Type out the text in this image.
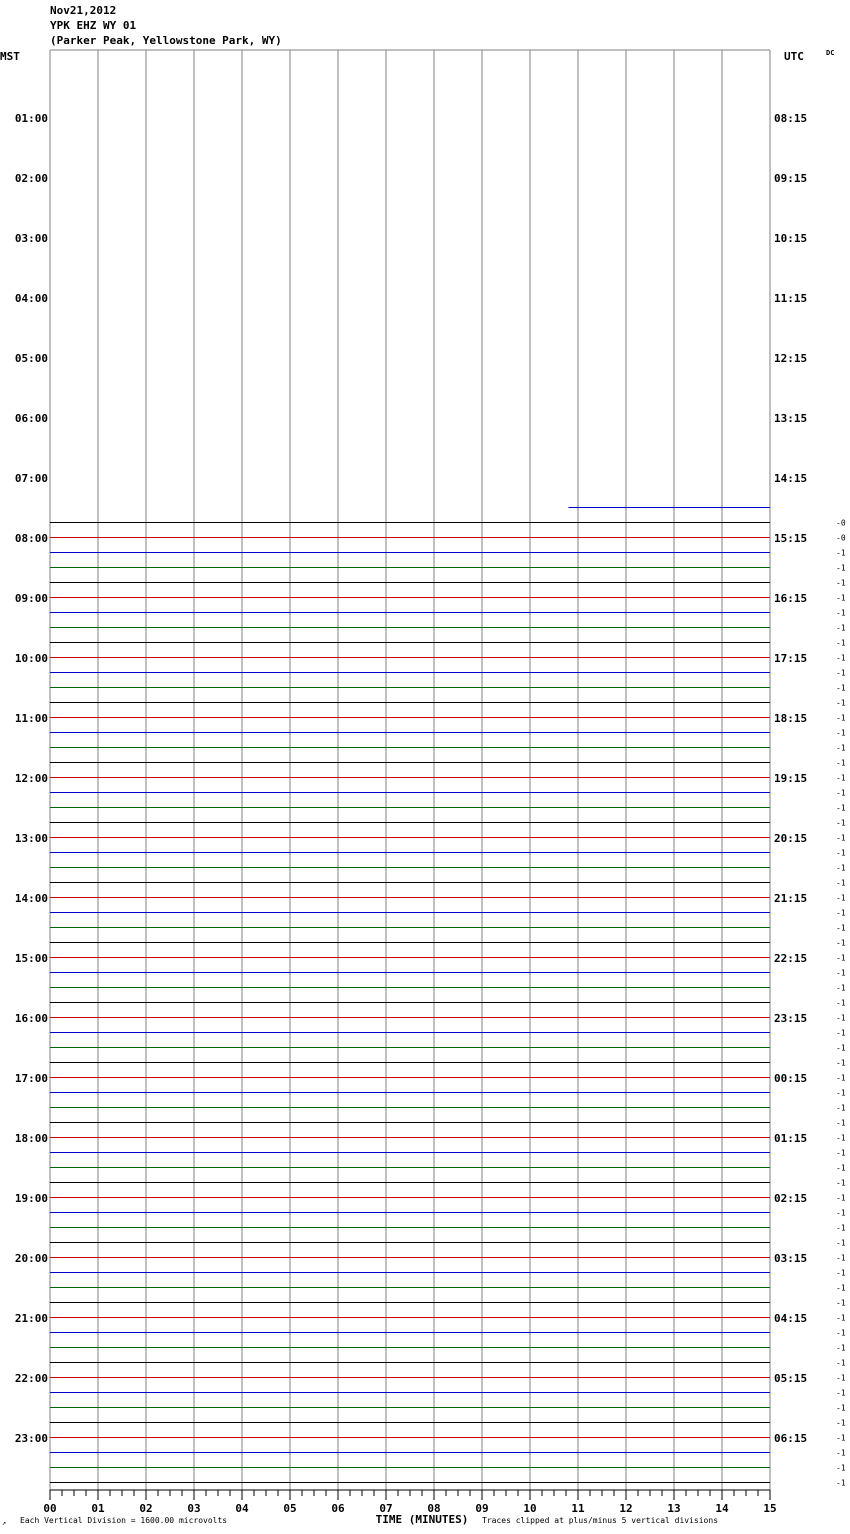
-0
-0
-1
-1
-1
-1
-1
-1
-1
-1
-1
-1
-1
-1
-1
-1
-1
-1
-1
-1
-1
-1
-1
-1
-1
-1
-1
-1
-1
-1
-1
-1
-1
-1
-1
-1
-1
-1
-1
-1
-1
-1
-1
-1
-1
-1
-1
-1
-1
-1
-1
-1
-1
-1
-1
-1
-1
-1
-1
-1
-1
-1
-1
-1
-1
01:00
02:00
03:00
04:00
05:00
06:00
07:00
08:00
09:00
10:00
11:00
12:00
13:00
14:00
15:00
16:00
17:00
18:00
19:00
20:00
21:00
22:00
23:00
08:15
09:15
10:15
11:15
12:15
13:15
14:15
15:15
16:15
17:15
18:15
19:15
20:15
21:15
22:15
23:15
00:15
01:15
02:15
03:15
04:15
05:15
06:15
00	01	02	03	04	05	06	07	08	09	10	11	12	13	14	15
TIME (MINUTES)
Each Vertical Division = 1600.00 microvolts	Traces clipped at plus/minus 5 vertical divisions
↗
Nov21,2012
YPK EHZ WY 01
(Parker Peak, Yellowstone Park, WY)
MST	UTC	DC
